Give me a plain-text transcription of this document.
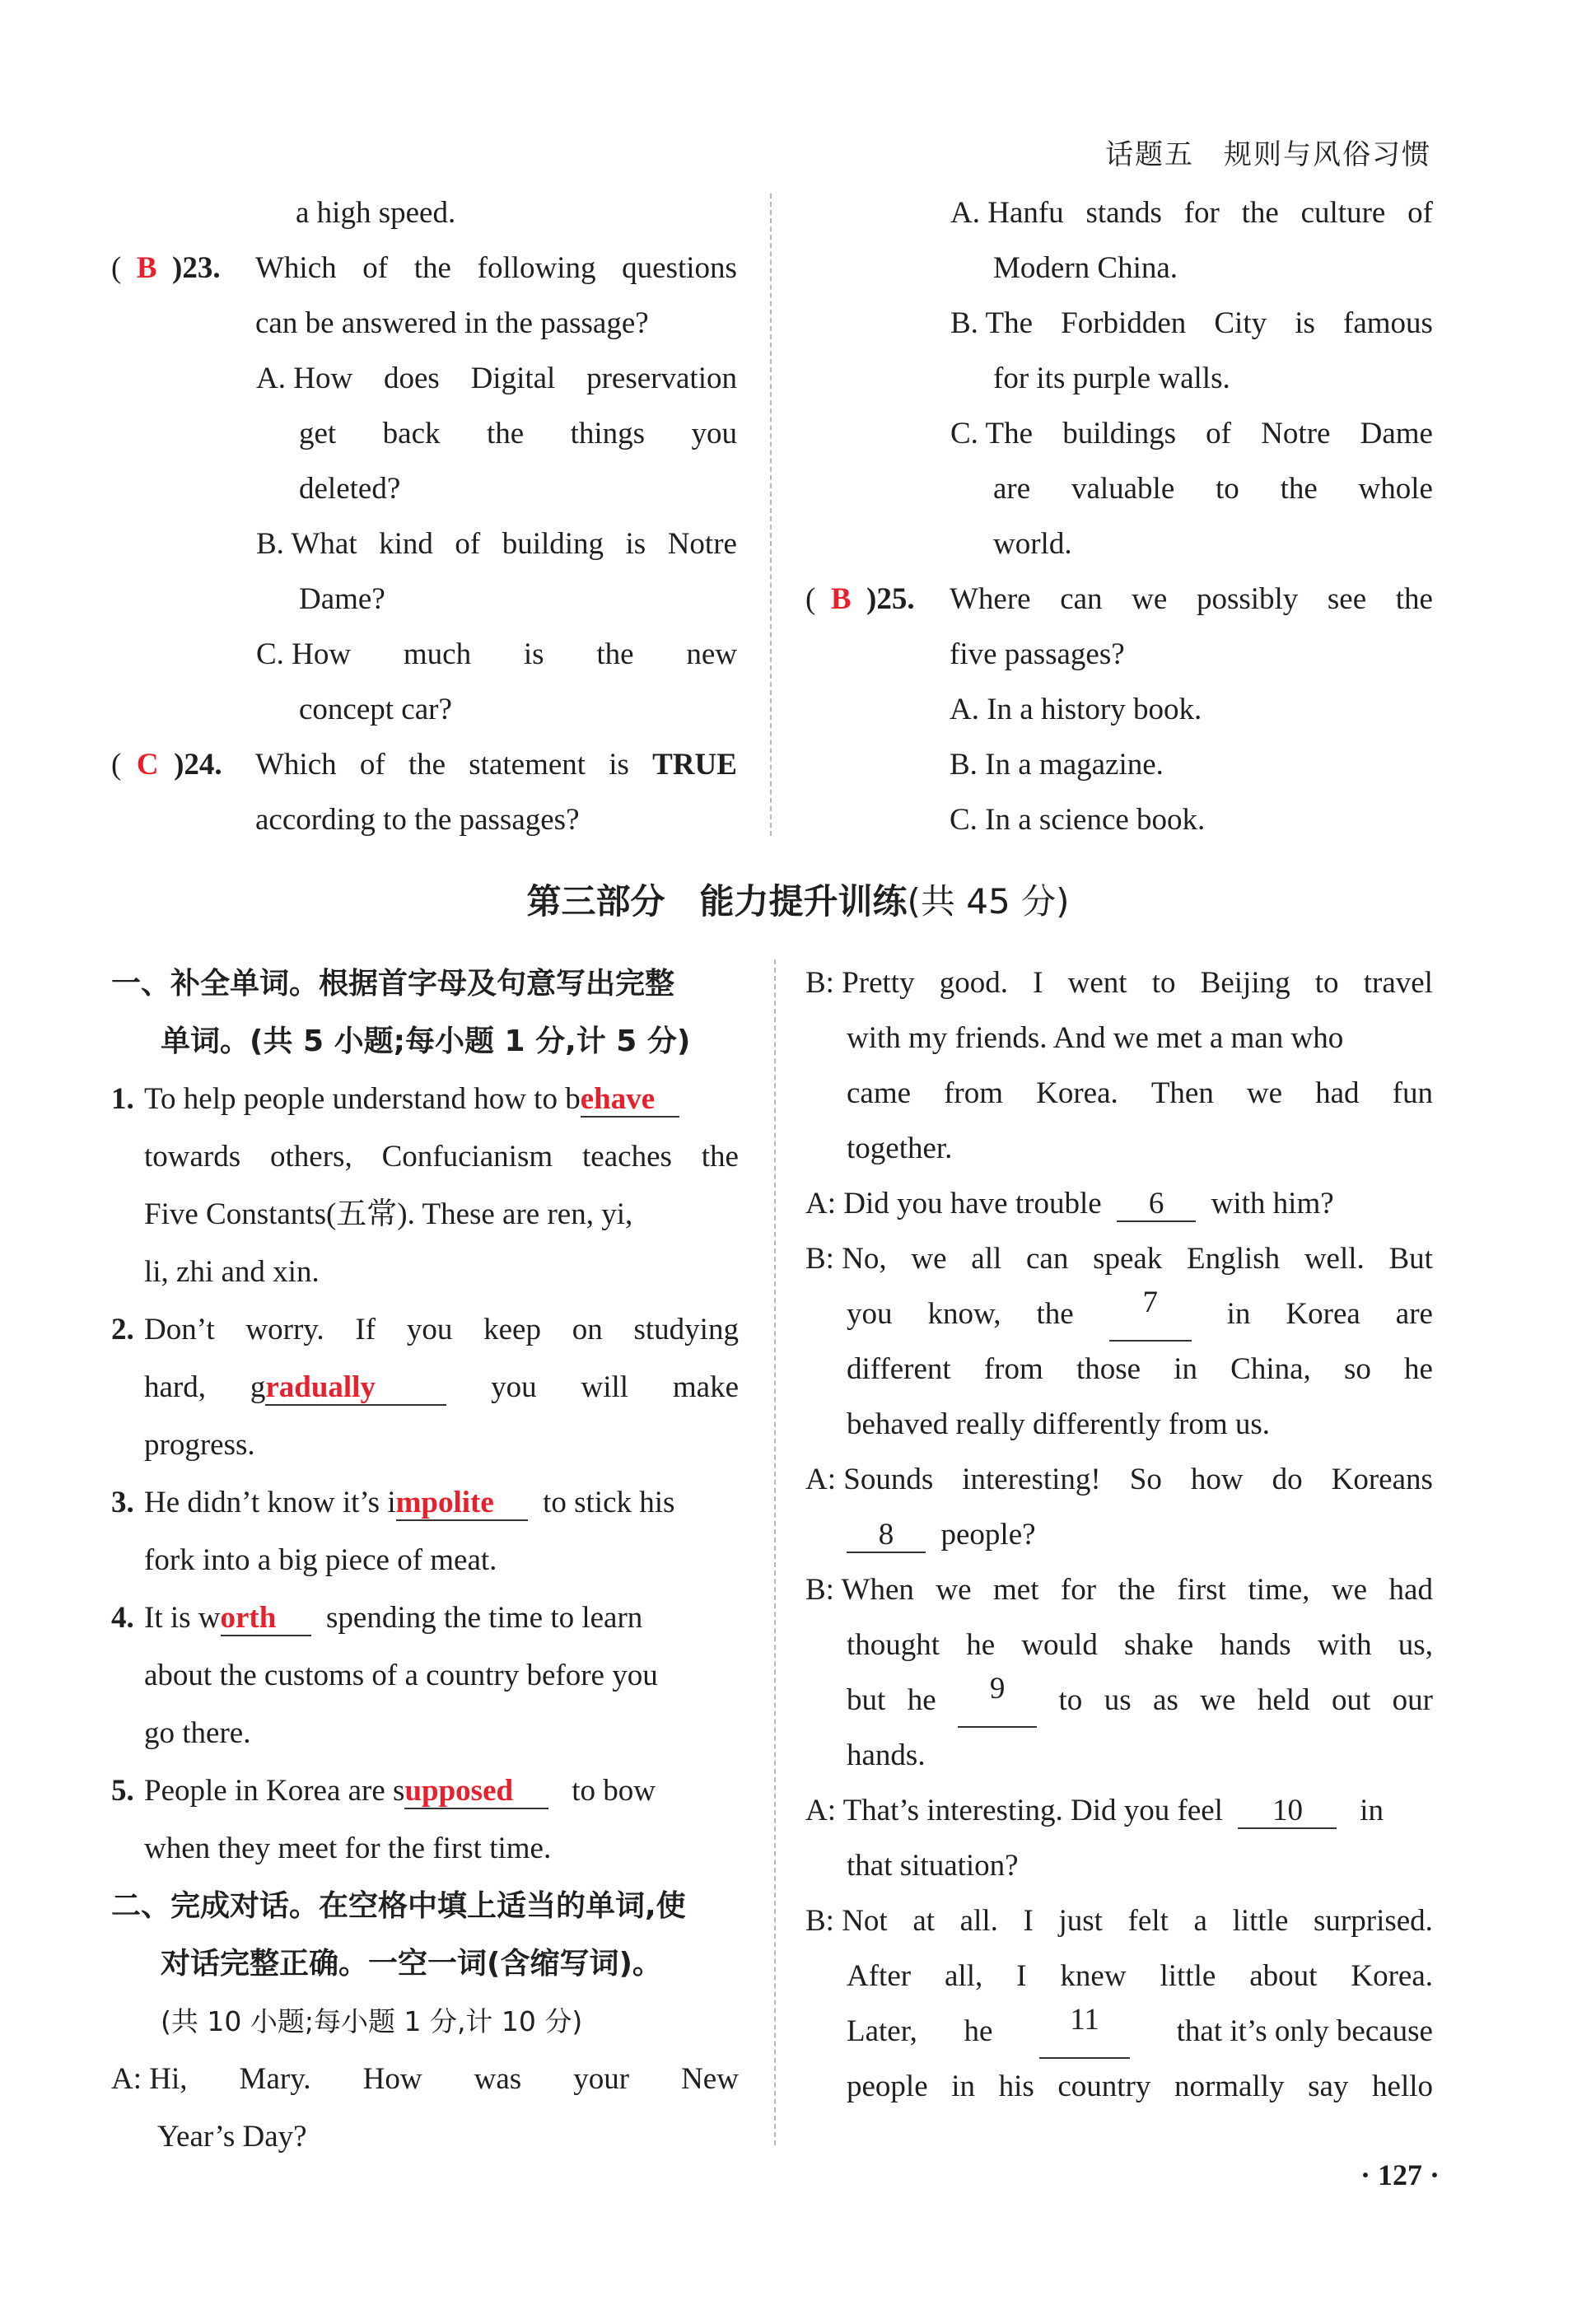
话题五　规则与风俗习惯
a high speed.
(  B )23.	Which of the following questions
can be answered in the passage?
A. How does Digital preservation
get back the things you
deleted?
B. What kind of building is Notre
Dame?
C. How much is the new
concept car?
(  C )24.	Which of the statement is TRUE
according to the passages?
A. Hanfu stands for the culture of
Modern China.
B. The Forbidden City is famous
for its purple walls.
C. The buildings of Notre Dame
are valuable to the whole
world.
(  B )25.	Where can we possibly see the
five passages?
A. In a history book.
B. In a magazine.
C. In a science book.
第三部分　能力提升训练(共 45 分)
一、补全单词。根据首字母及句意写出完整
单词。(共 5 小题;每小题 1 分,计 5 分)
1. To help people understand how to behave
towards others, Confucianism teaches the
Five Constants(五常). These are ren, yi,
li, zhi and xin.
2. Don’t worry. If you keep on studying
hard, gradually	you will make
progress.
3. He didn’t know it’s impolite to stick his
fork into a big piece of meat.
4. It is worth spending the time to learn
about the customs of a country before you
go there.
5. People in Korea are supposed to bow
when they meet for the first time.
二、完成对话。在空格中填上适当的单词,使
对话完整正确。一空一词(含缩写词)。
(共 10 小题;每小题 1 分,计 10 分)
A: Hi, Mary. How was your New
Year’s Day?
B: Pretty good. I went to Beijing to travel
with my friends. And we met a man who
came from Korea. Then we had fun
together.
A: Did you have trouble 6 with him?
B: No, we all can speak English well. But
you know, the	7	in Korea are
different from those in China, so he
behaved really differently from us.
A: Sounds interesting! So how do Koreans
8 people?
B: When we met for the first time, we had
thought he would shake hands with us,
but he	9	to us as we held out our
hands.
A: That’s interesting. Did you feel 10 in
that situation?
B: Not at all. I just felt a little surprised.
After all, I knew little about Korea.
Later, he	11	that it’s only because
people in his country normally say hello
· 127 ·
